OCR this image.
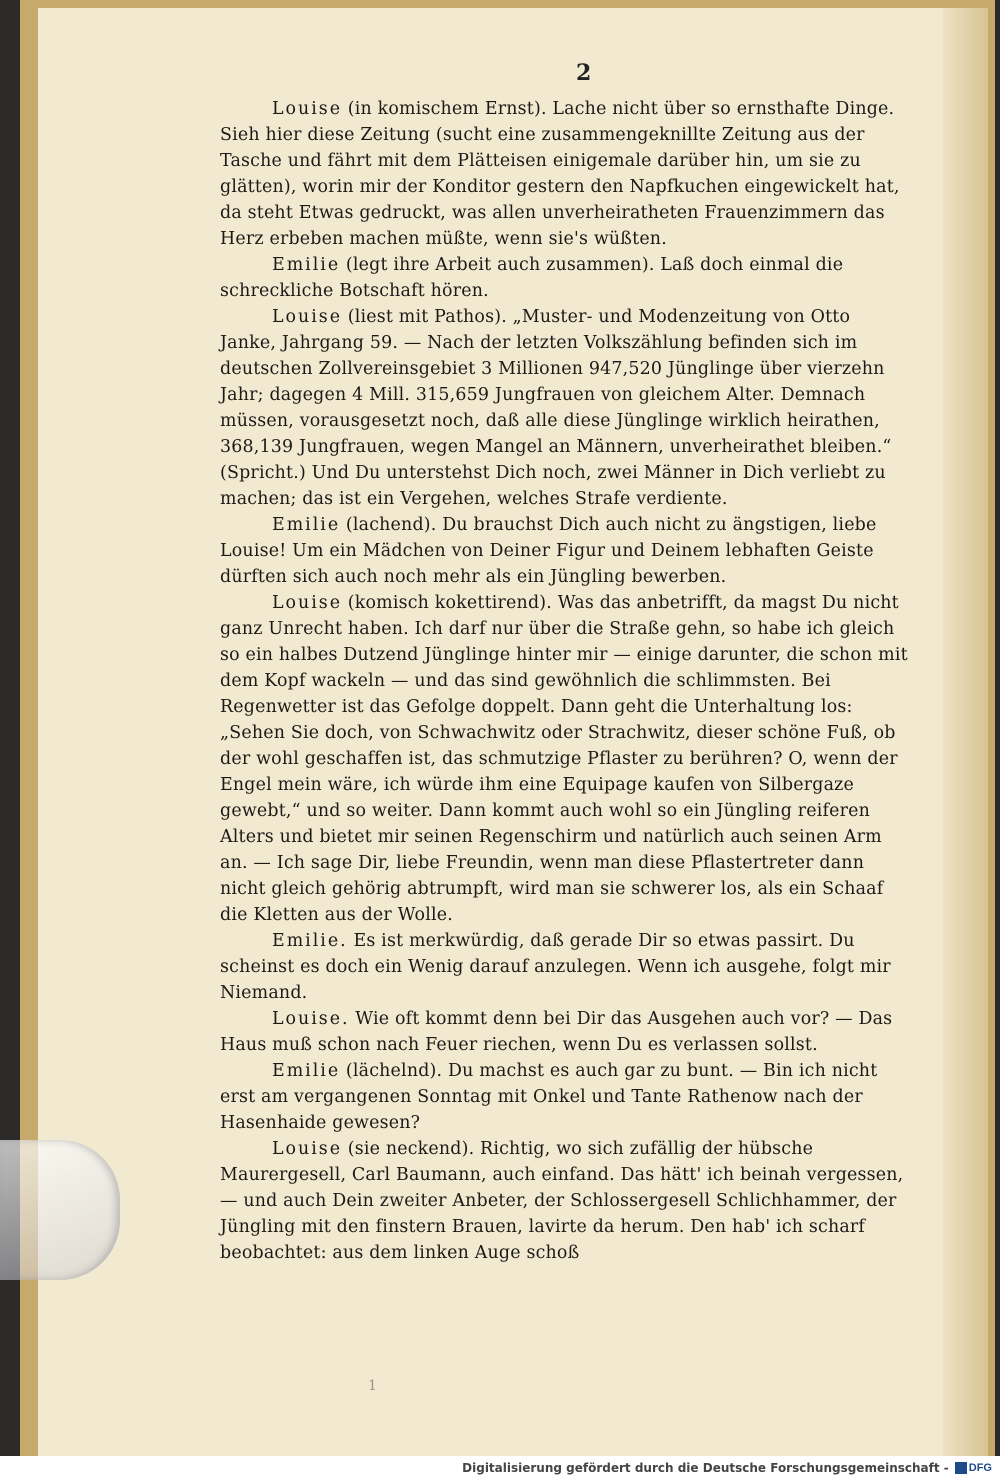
2
1

Louise (in komischem Ernst). Lache nicht über so ernsthafte Dinge. Sieh hier diese Zeitung (sucht eine zusammengeknillte Zeitung aus der Tasche und fährt mit dem Plätteisen einigemale darüber hin, um sie zu glätten), worin mir der Konditor gestern den Napfkuchen eingewickelt hat, da steht Etwas gedruckt, was allen unverheiratheten Frauenzimmern das Herz erbeben machen müßte, wenn sie's wüßten.

Emilie (legt ihre Arbeit auch zusammen). Laß doch einmal die schreckliche Botschaft hören.

Louise (liest mit Pathos). „Muster- und Modenzeitung von Otto Janke, Jahrgang 59. — Nach der letzten Volkszählung befinden sich im deutschen Zollvereinsgebiet 3 Millionen 947,520 Jünglinge über vierzehn Jahr; dagegen 4 Mill. 315,659 Jungfrauen von gleichem Alter. Demnach müssen, vorausgesetzt noch, daß alle diese Jünglinge wirklich heirathen, 368,139 Jungfrauen, wegen Mangel an Männern, unverheirathet bleiben.“ (Spricht.) Und Du unterstehst Dich noch, zwei Männer in Dich verliebt zu machen; das ist ein Vergehen, welches Strafe verdiente.

Emilie (lachend). Du brauchst Dich auch nicht zu ängstigen, liebe Louise! Um ein Mädchen von Deiner Figur und Deinem lebhaften Geiste dürften sich auch noch mehr als ein Jüngling bewerben.

Louise (komisch kokettirend). Was das anbetrifft, da magst Du nicht ganz Unrecht haben. Ich darf nur über die Straße gehn, so habe ich gleich so ein halbes Dutzend Jünglinge hinter mir — einige darunter, die schon mit dem Kopf wackeln — und das sind gewöhnlich die schlimmsten. Bei Regenwetter ist das Gefolge doppelt. Dann geht die Unterhaltung los: „Sehen Sie doch, von Schwachwitz oder Strachwitz, dieser schöne Fuß, ob der wohl geschaffen ist, das schmutzige Pflaster zu berühren? O, wenn der Engel mein wäre, ich würde ihm eine Equipage kaufen von Silbergaze gewebt,“ und so weiter. Dann kommt auch wohl so ein Jüngling reiferen Alters und bietet mir seinen Regenschirm und natürlich auch seinen Arm an. — Ich sage Dir, liebe Freundin, wenn man diese Pflastertreter dann nicht gleich gehörig abtrumpft, wird man sie schwerer los, als ein Schaaf die Kletten aus der Wolle.

Emilie. Es ist merkwürdig, daß gerade Dir so etwas passirt. Du scheinst es doch ein Wenig darauf anzulegen. Wenn ich ausgehe, folgt mir Niemand.

Louise. Wie oft kommt denn bei Dir das Ausgehen auch vor? — Das Haus muß schon nach Feuer riechen, wenn Du es verlassen sollst.

Emilie (lächelnd). Du machst es auch gar zu bunt. — Bin ich nicht erst am vergangenen Sonntag mit Onkel und Tante Rathenow nach der Hasenhaide gewesen?

Louise (sie neckend). Richtig, wo sich zufällig der hübsche Maurergesell, Carl Baumann, auch einfand. Das hätt' ich beinah vergessen, — und auch Dein zweiter Anbeter, der Schlossergesell Schlichhammer, der Jüngling mit den finstern Brauen, lavirte da herum. Den hab' ich scharf beobachtet: aus dem linken Auge schoß

Digitalisierung gefördert durch die Deutsche Forschungsgemeinschaft - DFG
